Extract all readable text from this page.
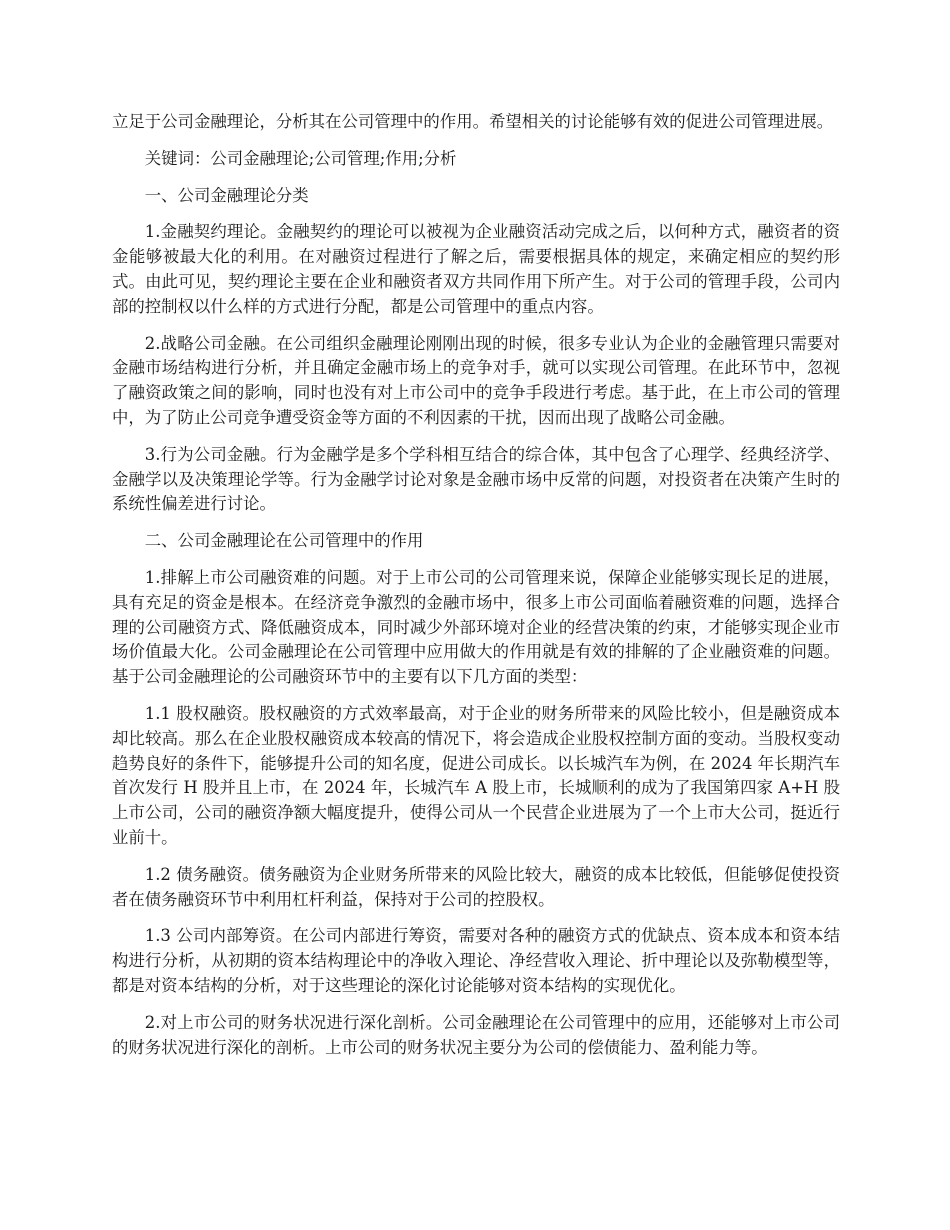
立足于公司金融理论，分析其在公司管理中的作用。希望相关的讨论能够有效的促进公司管理进展。

关键词：公司金融理论;公司管理;作用;分析

一、公司金融理论分类

1.金融契约理论。金融契约的理论可以被视为企业融资活动完成之后，以何种方式，融资者的资金能够被最大化的利用。在对融资过程进行了解之后，需要根据具体的规定，来确定相应的契约形式。由此可见，契约理论主要在企业和融资者双方共同作用下所产生。对于公司的管理手段，公司内部的控制权以什么样的方式进行分配，都是公司管理中的重点内容。

2.战略公司金融。在公司组织金融理论刚刚出现的时候，很多专业认为企业的金融管理只需要对金融市场结构进行分析，并且确定金融市场上的竞争对手，就可以实现公司管理。在此环节中，忽视了融资政策之间的影响，同时也没有对上市公司中的竞争手段进行考虑。基于此，在上市公司的管理中，为了防止公司竞争遭受资金等方面的不利因素的干扰，因而出现了战略公司金融。

3.行为公司金融。行为金融学是多个学科相互结合的综合体，其中包含了心理学、经典经济学、金融学以及决策理论学等。行为金融学讨论对象是金融市场中反常的问题，对投资者在决策产生时的系统性偏差进行讨论。

二、公司金融理论在公司管理中的作用

1.排解上市公司融资难的问题。对于上市公司的公司管理来说，保障企业能够实现长足的进展，具有充足的资金是根本。在经济竞争激烈的金融市场中，很多上市公司面临着融资难的问题，选择合理的公司融资方式、降低融资成本，同时减少外部环境对企业的经营决策的约束，才能够实现企业市场价值最大化。公司金融理论在公司管理中应用做大的作用就是有效的排解的了企业融资难的问题。基于公司金融理论的公司融资环节中的主要有以下几方面的类型：

1.1 股权融资。股权融资的方式效率最高，对于企业的财务所带来的风险比较小，但是融资成本却比较高。那么在企业股权融资成本较高的情况下，将会造成企业股权控制方面的变动。当股权变动趋势良好的条件下，能够提升公司的知名度，促进公司成长。以长城汽车为例，在 2024 年长期汽车首次发行 H 股并且上市，在 2024 年，长城汽车 A 股上市，长城顺利的成为了我国第四家 A+H 股上市公司，公司的融资净额大幅度提升，使得公司从一个民营企业进展为了一个上市大公司，挺近行业前十。

1.2 债务融资。债务融资为企业财务所带来的风险比较大，融资的成本比较低，但能够促使投资者在债务融资环节中利用杠杆利益，保持对于公司的控股权。

1.3 公司内部筹资。在公司内部进行筹资，需要对各种的融资方式的优缺点、资本成本和资本结构进行分析，从初期的资本结构理论中的净收入理论、净经营收入理论、折中理论以及弥勒模型等，都是对资本结构的分析，对于这些理论的深化讨论能够对资本结构的实现优化。

2.对上市公司的财务状况进行深化剖析。公司金融理论在公司管理中的应用，还能够对上市公司的财务状况进行深化的剖析。上市公司的财务状况主要分为公司的偿债能力、盈利能力等。
